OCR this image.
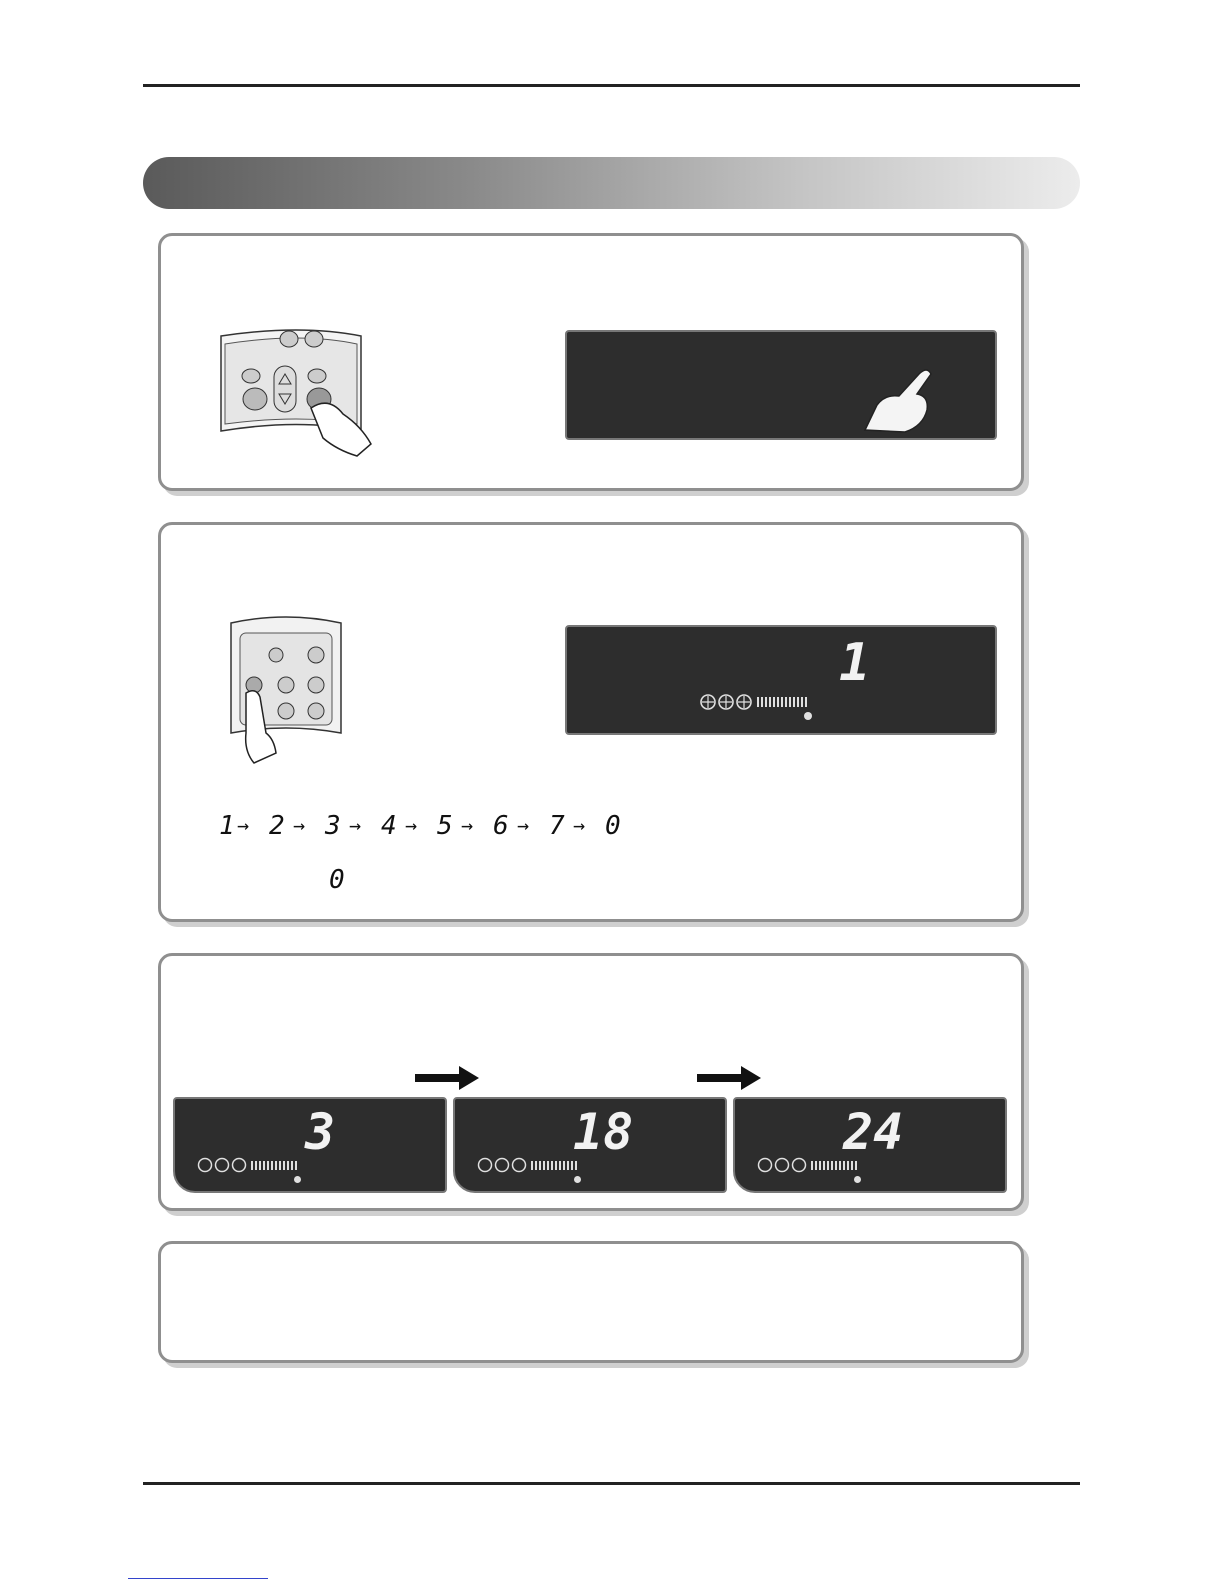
1
1 → 2 → 3 → 4 → 5 → 6 → 7 → 0
0
3	18	24
